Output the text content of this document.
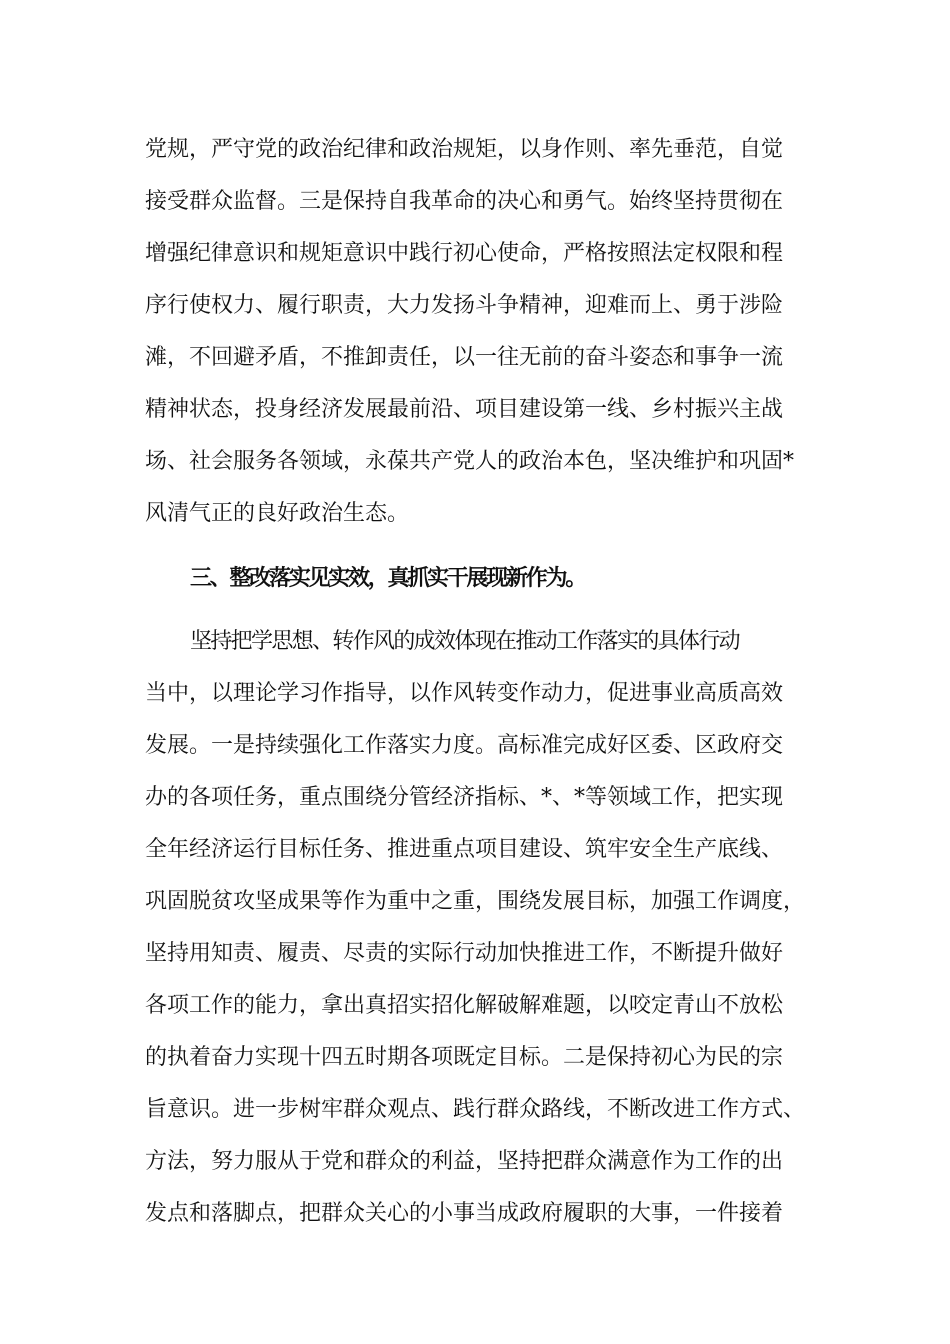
党规，严守党的政治纪律和政治规矩，以身作则、率先垂范，自觉
接受群众监督。三是保持自我革命的决心和勇气。始终坚持贯彻在
增强纪律意识和规矩意识中践行初心使命，严格按照法定权限和程
序行使权力、履行职责，大力发扬斗争精神，迎难而上、勇于涉险
滩，不回避矛盾，不推卸责任，以一往无前的奋斗姿态和事争一流
精神状态，投身经济发展最前沿、项目建设第一线、乡村振兴主战
场、社会服务各领域，永葆共产党人的政治本色，坚决维护和巩固*
风清气正的良好政治生态。
三、整改落实见实效，真抓实干展现新作为。
坚持把学思想、转作风的成效体现在推动工作落实的具体行动
当中，以理论学习作指导，以作风转变作动力，促进事业高质高效
发展。一是持续强化工作落实力度。高标准完成好区委、区政府交
办的各项任务，重点围绕分管经济指标、*、*等领域工作，把实现
全年经济运行目标任务、推进重点项目建设、筑牢安全生产底线、
巩固脱贫攻坚成果等作为重中之重，围绕发展目标，加强工作调度，
坚持用知责、履责、尽责的实际行动加快推进工作，不断提升做好
各项工作的能力，拿出真招实招化解破解难题，以咬定青山不放松
的执着奋力实现十四五时期各项既定目标。二是保持初心为民的宗
旨意识。进一步树牢群众观点、践行群众路线，不断改进工作方式、
方法，努力服从于党和群众的利益，坚持把群众满意作为工作的出
发点和落脚点，把群众关心的小事当成政府履职的大事，一件接着
